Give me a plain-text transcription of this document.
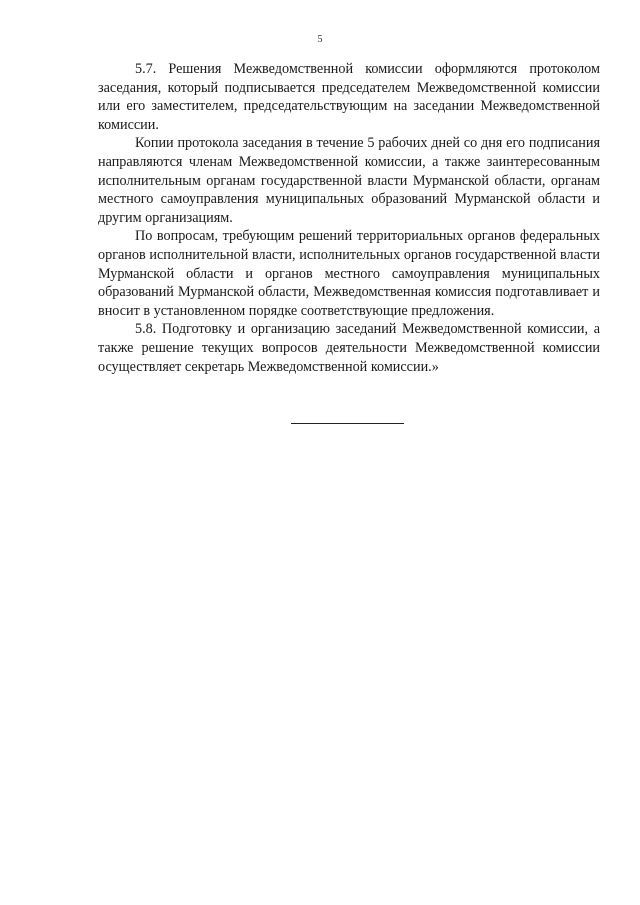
5

5.7. Решения Межведомственной комиссии оформляются протоколом заседания, который подписывается председателем Межведомственной комиссии или его заместителем, председательствующим на заседании Межведомственной комиссии.

Копии протокола заседания в течение 5 рабочих дней со дня его подписания направляются членам Межведомственной комиссии, а также заинтересованным исполнительным органам государственной власти Мурманской области, органам местного самоуправления муниципальных образований Мурманской области и другим организациям.

По вопросам, требующим решений территориальных органов федеральных органов исполнительной власти, исполнительных органов государственной власти Мурманской области и органов местного самоуправления муниципальных образований Мурманской области, Межведомственная комиссия подготавливает и вносит в установленном порядке соответствующие предложения.

5.8. Подготовку и организацию заседаний Межведомственной комиссии, а также решение текущих вопросов деятельности Межведомственной комиссии осуществляет секретарь Межведомственной комиссии.»
